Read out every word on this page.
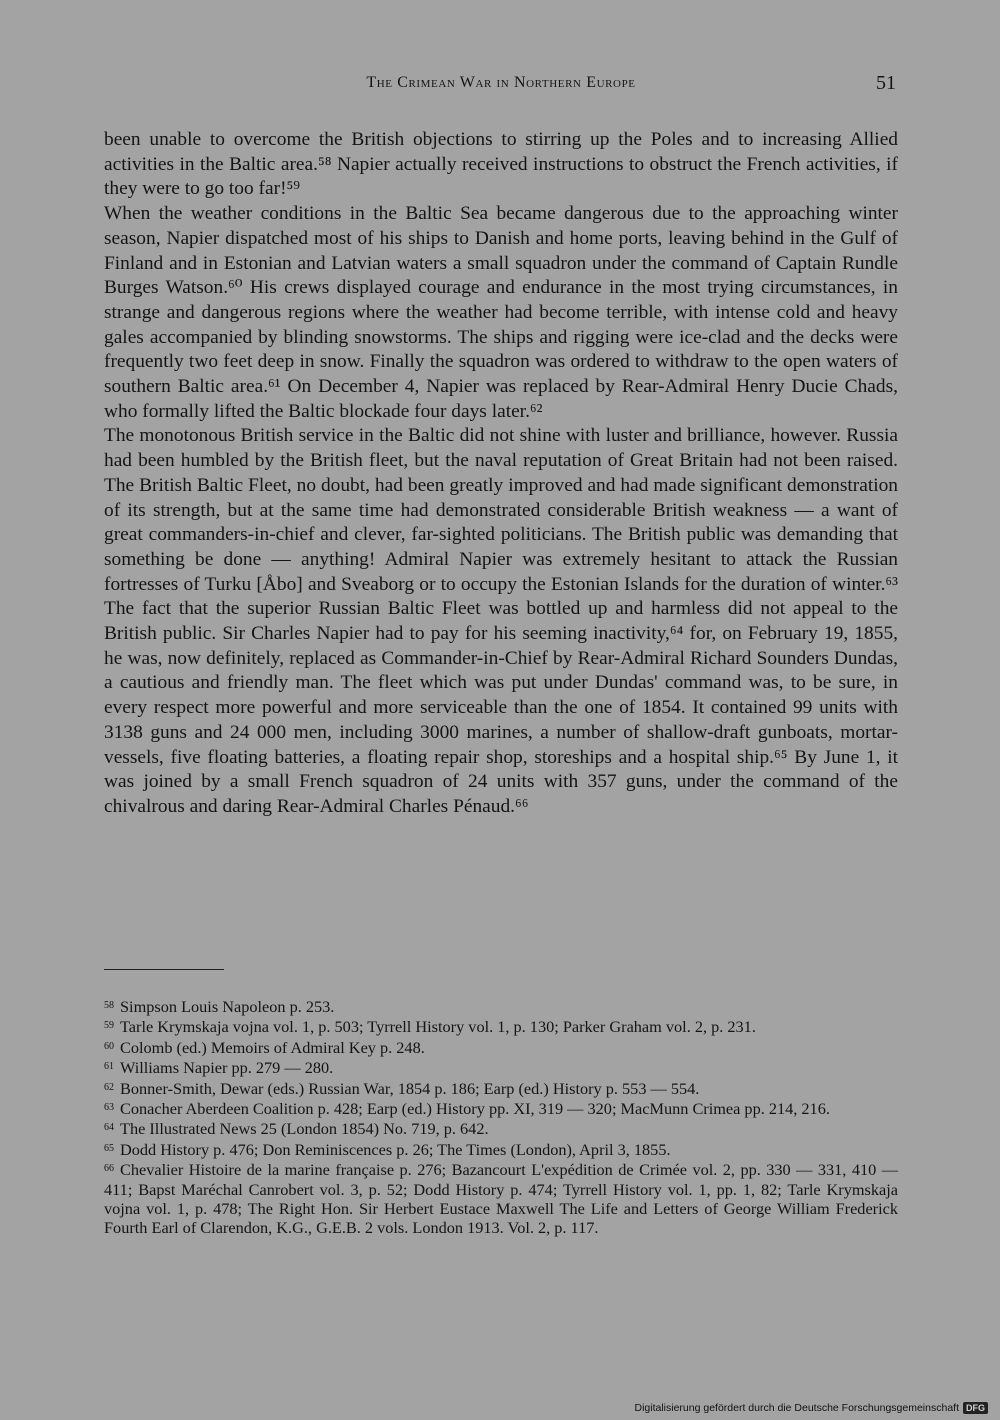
The Crimean War in Northern Europe	51

been unable to overcome the British objections to stirring up the Poles and to increasing Allied activities in the Baltic area.⁵⁸ Napier actually received instructions to obstruct the French activities, if they were to go too far!⁵⁹

When the weather conditions in the Baltic Sea became dangerous due to the approaching winter season, Napier dispatched most of his ships to Danish and home ports, leaving behind in the Gulf of Finland and in Estonian and Latvian waters a small squadron under the command of Captain Rundle Burges Watson.⁶⁰ His crews displayed courage and endurance in the most trying circumstances, in strange and dangerous regions where the weather had become terrible, with intense cold and heavy gales accompanied by blinding snowstorms. The ships and rigging were ice-clad and the decks were frequently two feet deep in snow. Finally the squadron was ordered to withdraw to the open waters of southern Baltic area.⁶¹ On December 4, Napier was replaced by Rear-Admiral Henry Ducie Chads, who formally lifted the Baltic blockade four days later.⁶²

The monotonous British service in the Baltic did not shine with luster and brilliance, however. Russia had been humbled by the British fleet, but the naval reputation of Great Britain had not been raised. The British Baltic Fleet, no doubt, had been greatly improved and had made significant demonstration of its strength, but at the same time had demonstrated considerable British weakness — a want of great commanders-in-chief and clever, far-sighted politicians. The British public was demanding that something be done — anything! Admiral Napier was extremely hesitant to attack the Russian fortresses of Turku [Åbo] and Sveaborg or to occupy the Estonian Islands for the duration of winter.⁶³ The fact that the superior Russian Baltic Fleet was bottled up and harmless did not appeal to the British public. Sir Charles Napier had to pay for his seeming inactivity,⁶⁴ for, on February 19, 1855, he was, now definitely, replaced as Commander-in-Chief by Rear-Admiral Richard Sounders Dundas, a cautious and friendly man. The fleet which was put under Dundas' command was, to be sure, in every respect more powerful and more serviceable than the one of 1854. It contained 99 units with 3138 guns and 24 000 men, including 3000 marines, a number of shallow-draft gunboats, mortar-vessels, five floating batteries, a floating repair shop, storeships and a hospital ship.⁶⁵ By June 1, it was joined by a small French squadron of 24 units with 357 guns, under the command of the chivalrous and daring Rear-Admiral Charles Pénaud.⁶⁶

$^{58}$ Simpson Louis Napoleon p. 253.

$^{59}$ Tarle Krymskaja vojna vol. 1, p. 503; Tyrrell History vol. 1, p. 130; Parker Graham vol. 2, p. 231.

$^{60}$ Colomb (ed.) Memoirs of Admiral Key p. 248.

$^{61}$ Williams Napier pp. 279 — 280.

$^{62}$ Bonner-Smith, Dewar (eds.) Russian War, 1854 p. 186; Earp (ed.) History p. 553 — 554.

$^{63}$ Conacher Aberdeen Coalition p. 428; Earp (ed.) History pp. XI, 319 — 320; MacMunn Crimea pp. 214, 216.

$^{64}$ The Illustrated News 25 (London 1854) No. 719, p. 642.

$^{65}$ Dodd History p. 476; Don Reminiscences p. 26; The Times (London), April 3, 1855.

$^{66}$ Chevalier Histoire de la marine française p. 276; Bazancourt L'expédition de Crimée vol. 2, pp. 330 — 331, 410 — 411; Bapst Maréchal Canrobert vol. 3, p. 52; Dodd History p. 474; Tyrrell History vol. 1, pp. 1, 82; Tarle Krymskaja vojna vol. 1, p. 478; The Right Hon. Sir Herbert Eustace Maxwell The Life and Letters of George William Frederick Fourth Earl of Clarendon, K.G., G.E.B. 2 vols. London 1913. Vol. 2, p. 117.

Digitalisierung gefördert durch die Deutsche Forschungsgemeinschaft DFG
